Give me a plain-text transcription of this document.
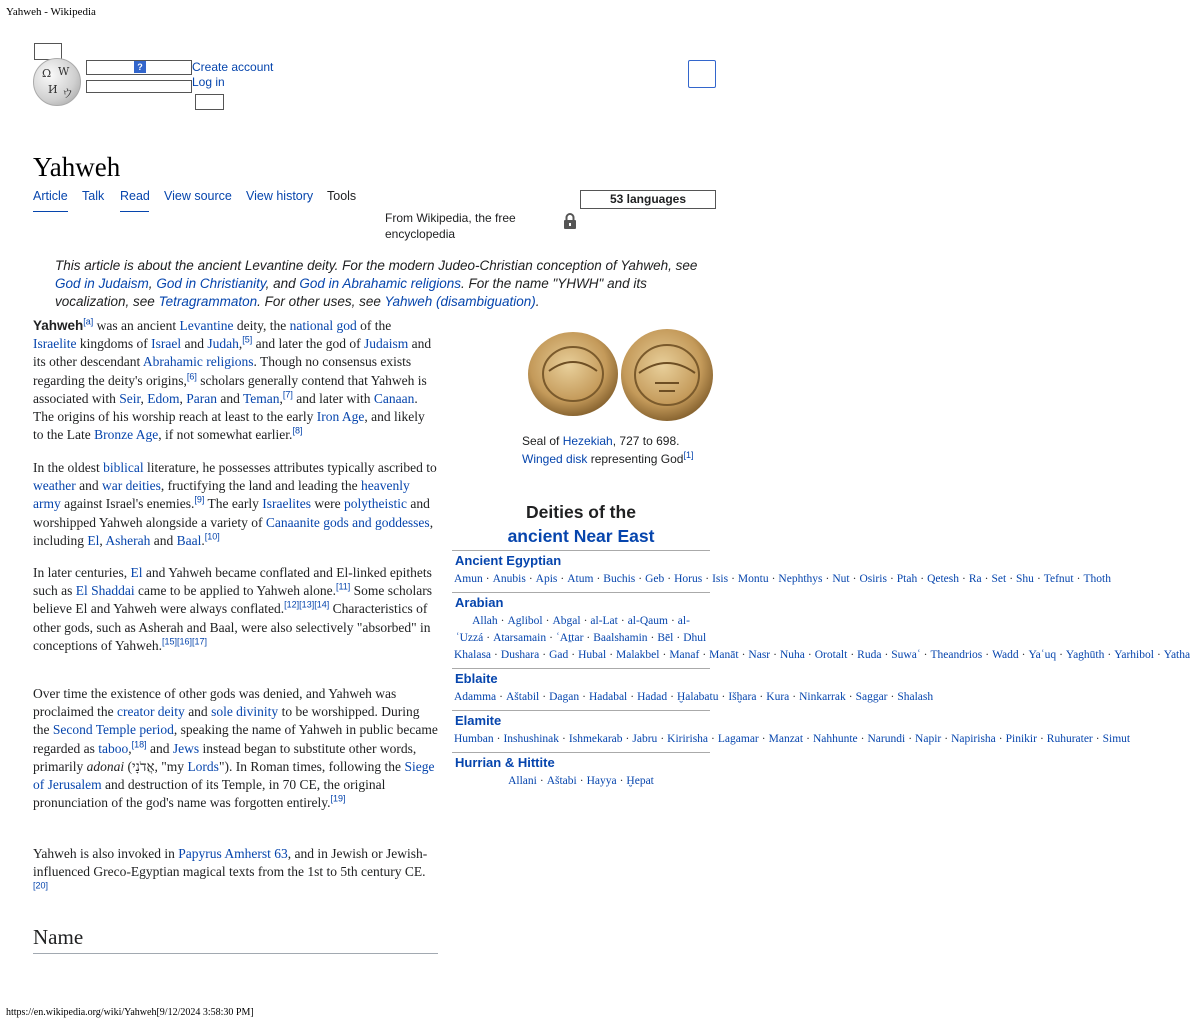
Yahweh - Wikipedia
Ω W
И ウ
?	Create account
Log in
Yahweh
Article Talk Read View source View history Tools	53 languages
From Wikipedia, the free encyclopedia
This article is about the ancient Levantine deity. For the modern Judeo-Christian conception of Yahweh, see God in Judaism, God in Christianity, and God in Abrahamic religions. For the name "YHWH" and its vocalization, see Tetragrammaton. For other uses, see Yahweh (disambiguation).

Yahweh[a] was an ancient Levantine deity, the national god of the Israelite kingdoms of Israel and Judah,[5] and later the god of Judaism and its other descendant Abrahamic religions. Though no consensus exists regarding the deity's origins,[6] scholars generally contend that Yahweh is associated with Seir, Edom, Paran and Teman,[7] and later with Canaan. The origins of his worship reach at least to the early Iron Age, and likely to the Late Bronze Age, if not somewhat earlier.[8]

In the oldest biblical literature, he possesses attributes typically ascribed to weather and war deities, fructifying the land and leading the heavenly army against Israel's enemies.[9] The early Israelites were polytheistic and worshipped Yahweh alongside a variety of Canaanite gods and goddesses, including El, Asherah and Baal.[10]

In later centuries, El and Yahweh became conflated and El-linked epithets such as El Shaddai came to be applied to Yahweh alone.[11] Some scholars believe El and Yahweh were always conflated.[12][13][14] Characteristics of other gods, such as Asherah and Baal, were also selectively "absorbed" in conceptions of Yahweh.[15][16][17]

Over time the existence of other gods was denied, and Yahweh was proclaimed the creator deity and sole divinity to be worshipped. During the Second Temple period, speaking the name of Yahweh in public became regarded as taboo,[18] and Jews instead began to substitute other words, primarily adonai (אֲדֹנָי‎, "my Lords"). In Roman times, following the Siege of Jerusalem and destruction of its Temple, in 70 CE, the original pronunciation of the god's name was forgotten entirely.[19]

Yahweh is also invoked in Papyrus Amherst 63, and in Jewish or Jewish-influenced Greco-Egyptian magical texts from the 1st to 5th century CE.[20]

Name
Seal of Hezekiah, 727 to 698.
Winged disk representing God[1]
Deities of the
ancient Near East
Ancient Egyptian
Amun · Anubis · Apis · Atum · Buchis · Geb · Horus · Isis · Montu · Nephthys · Nut · Osiris · Ptah · Qetesh · Ra · Set · Shu · Tefnut · Thoth
Arabian
Allah · Aglibol · Abgal · al-Lat · al-Qaum · al-ʿUzzá · Atarsamain · ʿAṯtar · Baalshamin · Bēl · Dhul Khalasa · Dushara · Gad · Hubal · Malakbel · Manaf · Manāt · Nasr · Nuha · Orotalt · Ruda · Suwaʿ · Theandrios · Wadd · Yaʿuq · Yaghūth · Yarhibol · Yatha
Eblaite
Adamma · Aštabil · Dagan · Hadabal · Hadad · Ḫalabatu · Išḫara · Kura · Ninkarrak · Saggar · Shalash
Elamite
Humban · Inshushinak · Ishmekarab · Jabru · Kiririsha · Lagamar · Manzat · Nahhunte · Narundi · Napir · Napirisha · Pinikir · Ruhurater · Simut
Hurrian & Hittite
Allani · Aštabi · Hayya · Ḫepat
https://en.wikipedia.org/wiki/Yahweh[9/12/2024 3:58:30 PM]
